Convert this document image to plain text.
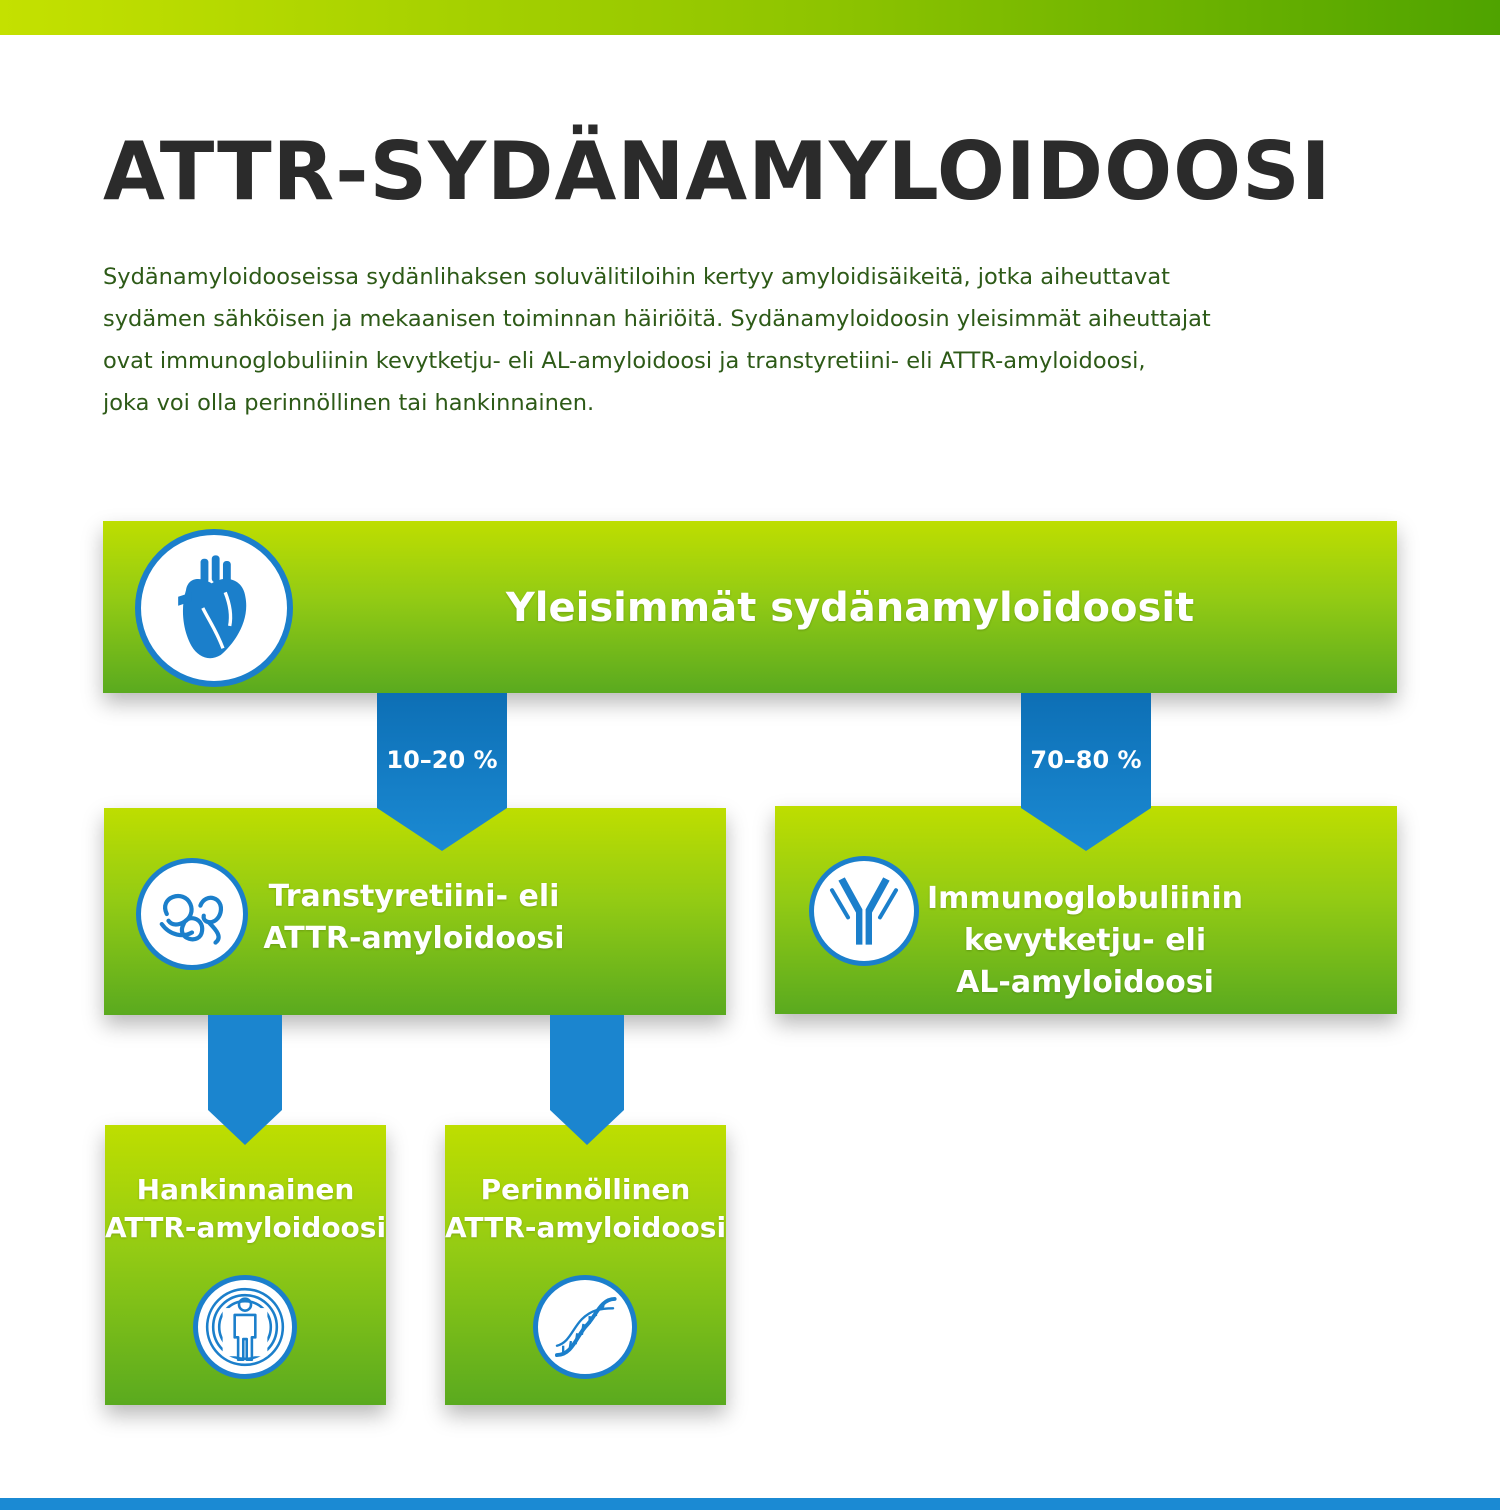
ATTR-SYDÄNAMYLOIDOOSI

Sydänamyloidooseissa sydänlihaksen soluvälitiloihin kertyy amyloidisäikeitä, jotka aiheuttavat
sydämen sähköisen ja mekaanisen toiminnan häiriöitä. Sydänamyloidoosin yleisimmät aiheuttajat
ovat immunoglobuliinin kevytketju- eli AL-amyloidoosi ja transtyretiini- eli ATTR-amyloidoosi,
joka voi olla perinnöllinen tai hankinnainen.

10–20 %	70–80 %
Yleisimmät sydänamyloidoosit
Transtyretiini- eli
ATTR-amyloidoosi
Immunoglobuliinin
kevytketju- eli
AL-amyloidoosi
Hankinnainen
ATTR-amyloidoosi
Perinnöllinen
ATTR-amyloidoosi
